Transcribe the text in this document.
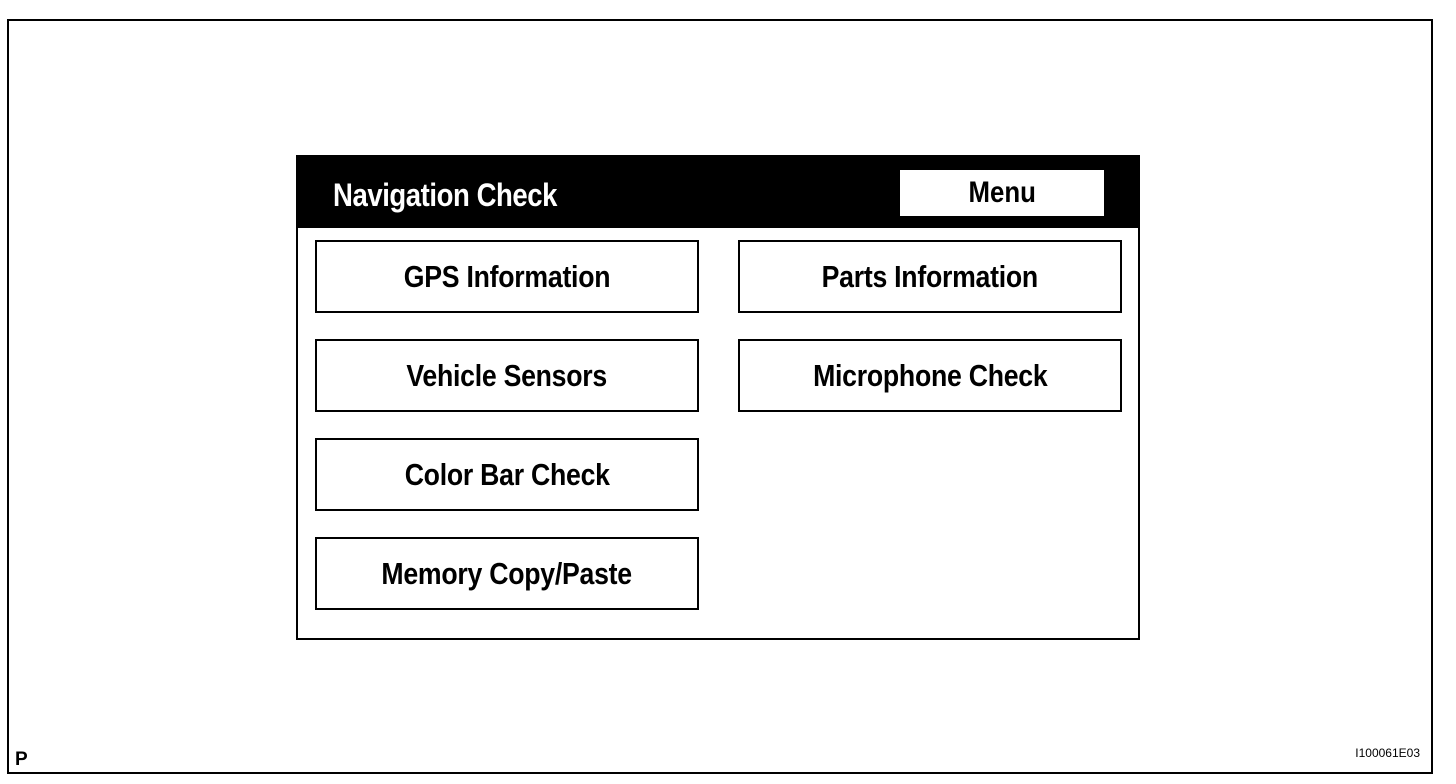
Navigation Check	Menu
GPS Information	Parts Information
Vehicle Sensors	Microphone Check
Color Bar Check
Memory Copy/Paste
P	I100061E03
